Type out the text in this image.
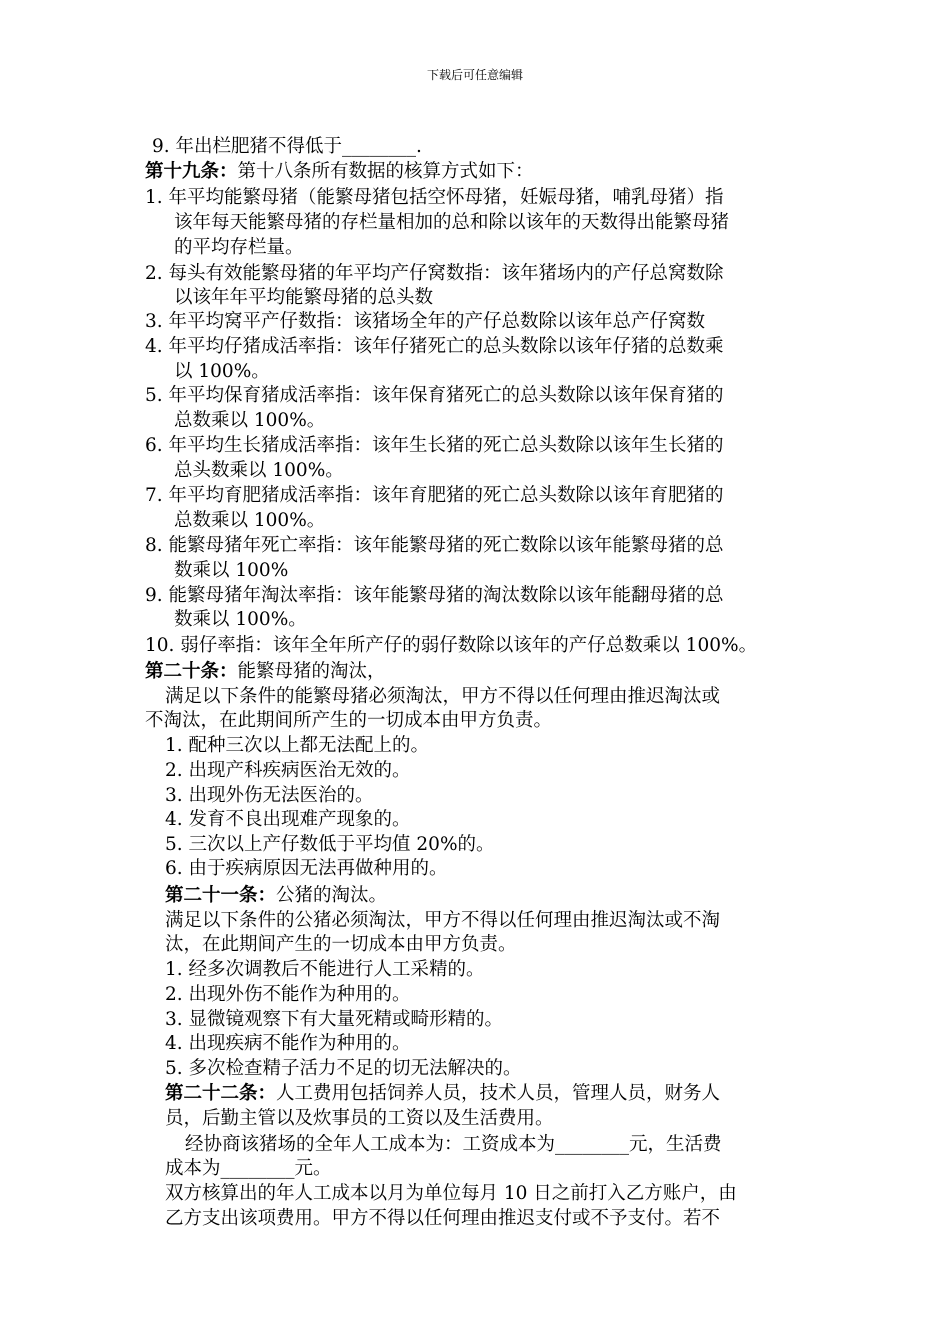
下载后可任意编辑
9. 年出栏肥猪不得低于________.
第十九条：第十八条所有数据的核算方式如下：
1. 年平均能繁母猪（能繁母猪包括空怀母猪，妊娠母猪，哺乳母猪）指
该年每天能繁母猪的存栏量相加的总和除以该年的天数得出能繁母猪
的平均存栏量。
2. 每头有效能繁母猪的年平均产仔窝数指：该年猪场内的产仔总窝数除
以该年年平均能繁母猪的总头数
3. 年平均窝平产仔数指：该猪场全年的产仔总数除以该年总产仔窝数
4. 年平均仔猪成活率指：该年仔猪死亡的总头数除以该年仔猪的总数乘
以 100%。
5. 年平均保育猪成活率指：该年保育猪死亡的总头数除以该年保育猪的
总数乘以 100%。
6. 年平均生长猪成活率指：该年生长猪的死亡总头数除以该年生长猪的
总头数乘以 100%。
7. 年平均育肥猪成活率指：该年育肥猪的死亡总头数除以该年育肥猪的
总数乘以 100%。
8. 能繁母猪年死亡率指：该年能繁母猪的死亡数除以该年能繁母猪的总
数乘以 100%
9. 能繁母猪年淘汰率指：该年能繁母猪的淘汰数除以该年能翻母猪的总
数乘以 100%。
10. 弱仔率指：该年全年所产仔的弱仔数除以该年的产仔总数乘以 100%。
第二十条：能繁母猪的淘汰，
满足以下条件的能繁母猪必须淘汰，甲方不得以任何理由推迟淘汰或
不淘汰，在此期间所产生的一切成本由甲方负责。
1. 配种三次以上都无法配上的。
2. 出现产科疾病医治无效的。
3. 出现外伤无法医治的。
4. 发育不良出现难产现象的。
5. 三次以上产仔数低于平均值 20%的。
6. 由于疾病原因无法再做种用的。
第二十一条：公猪的淘汰。
满足以下条件的公猪必须淘汰，甲方不得以任何理由推迟淘汰或不淘
汰，在此期间产生的一切成本由甲方负责。
1. 经多次调教后不能进行人工采精的。
2. 出现外伤不能作为种用的。
3. 显微镜观察下有大量死精或畸形精的。
4. 出现疾病不能作为种用的。
5. 多次检查精子活力不足的切无法解决的。
第二十二条：人工费用包括饲养人员，技术人员，管理人员，财务人
员，后勤主管以及炊事员的工资以及生活费用。
经协商该猪场的全年人工成本为：工资成本为________元，生活费
成本为________元。
双方核算出的年人工成本以月为单位每月 10 日之前打入乙方账户，由
乙方支出该项费用。甲方不得以任何理由推迟支付或不予支付。若不
